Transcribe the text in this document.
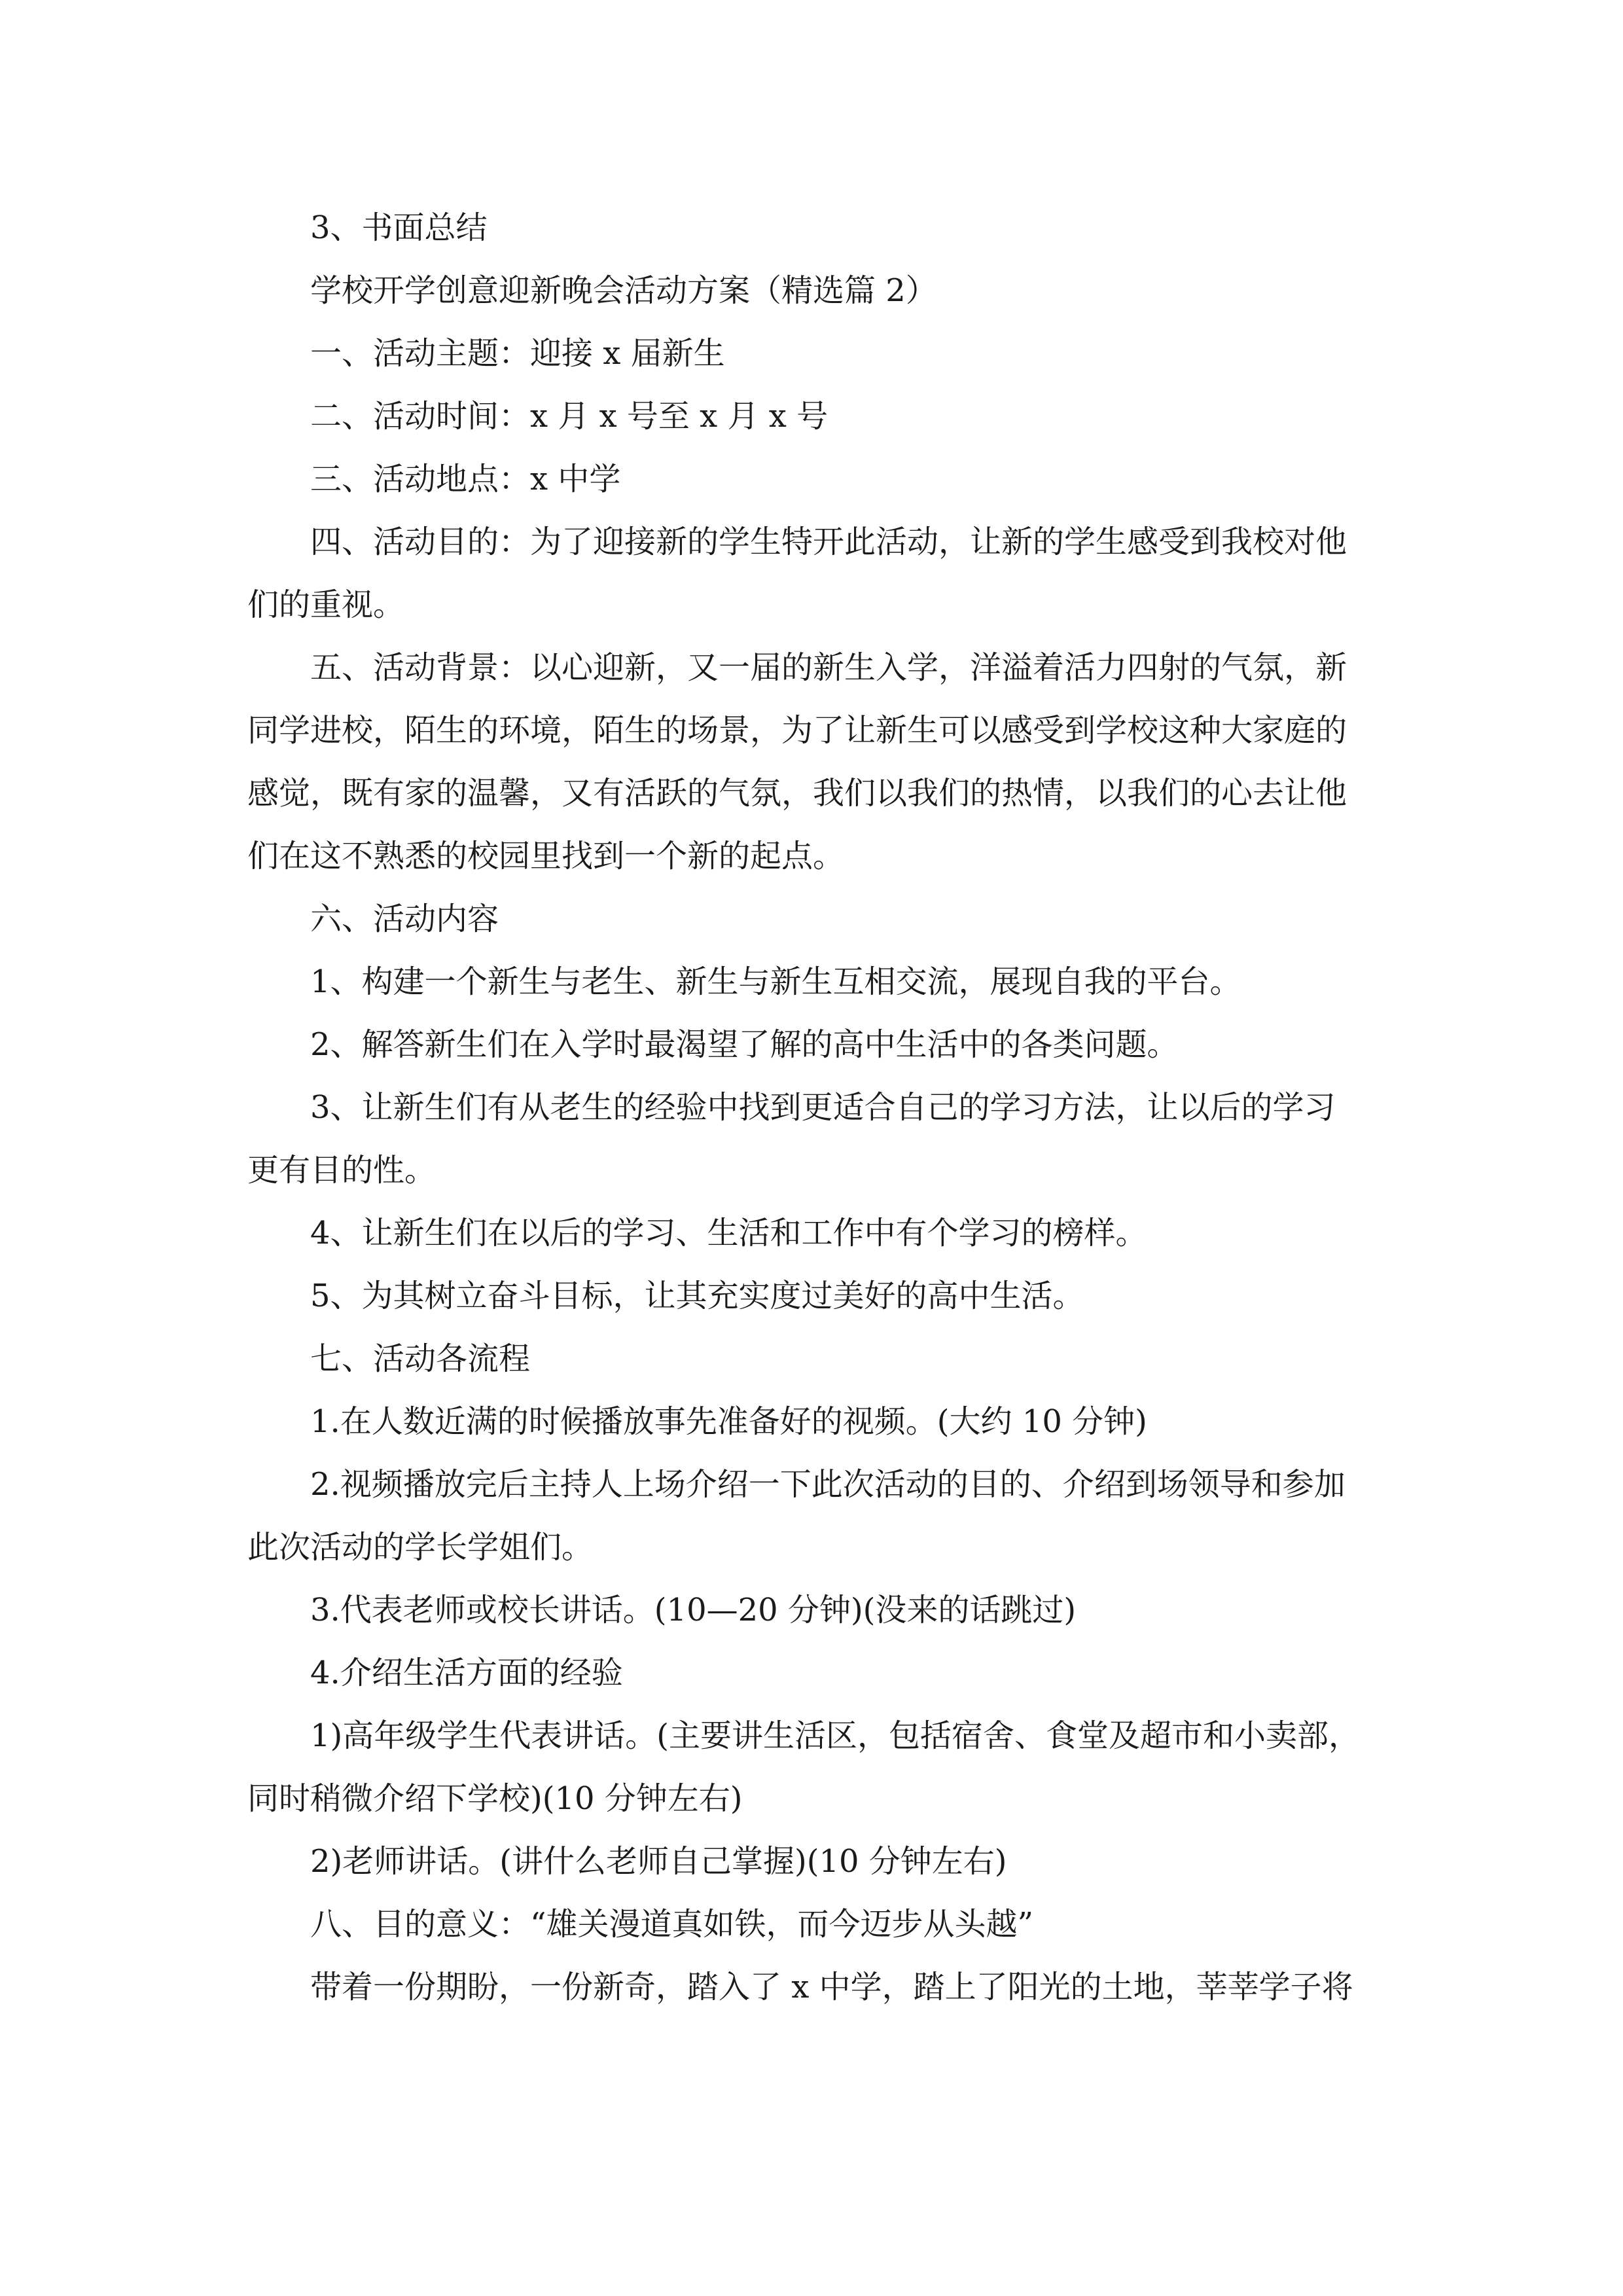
3、书面总结
学校开学创意迎新晚会活动方案（精选篇 2）
一、活动主题：迎接 x 届新生
二、活动时间：x 月 x 号至 x 月 x 号
三、活动地点：x 中学
四、活动目的：为了迎接新的学生特开此活动，让新的学生感受到我校对他
们的重视。
五、活动背景：以心迎新，又一届的新生入学，洋溢着活力四射的气氛，新
同学进校，陌生的环境，陌生的场景，为了让新生可以感受到学校这种大家庭的
感觉，既有家的温馨，又有活跃的气氛，我们以我们的热情，以我们的心去让他
们在这不熟悉的校园里找到一个新的起点。
六、活动内容
1、构建一个新生与老生、新生与新生互相交流，展现自我的平台。
2、解答新生们在入学时最渴望了解的高中生活中的各类问题。
3、让新生们有从老生的经验中找到更适合自己的学习方法，让以后的学习
更有目的性。
4、让新生们在以后的学习、生活和工作中有个学习的榜样。
5、为其树立奋斗目标，让其充实度过美好的高中生活。
七、活动各流程
1.在人数近满的时候播放事先准备好的视频。(大约 10 分钟)
2.视频播放完后主持人上场介绍一下此次活动的目的、介绍到场领导和参加
此次活动的学长学姐们。
3.代表老师或校长讲话。(10—20 分钟)(没来的话跳过)
4.介绍生活方面的经验
1)高年级学生代表讲话。(主要讲生活区，包括宿舍、食堂及超市和小卖部，
同时稍微介绍下学校)(10 分钟左右)
2)老师讲话。(讲什么老师自己掌握)(10 分钟左右)
八、目的意义：“雄关漫道真如铁，而今迈步从头越”
带着一份期盼，一份新奇，踏入了 x 中学，踏上了阳光的土地，莘莘学子将
